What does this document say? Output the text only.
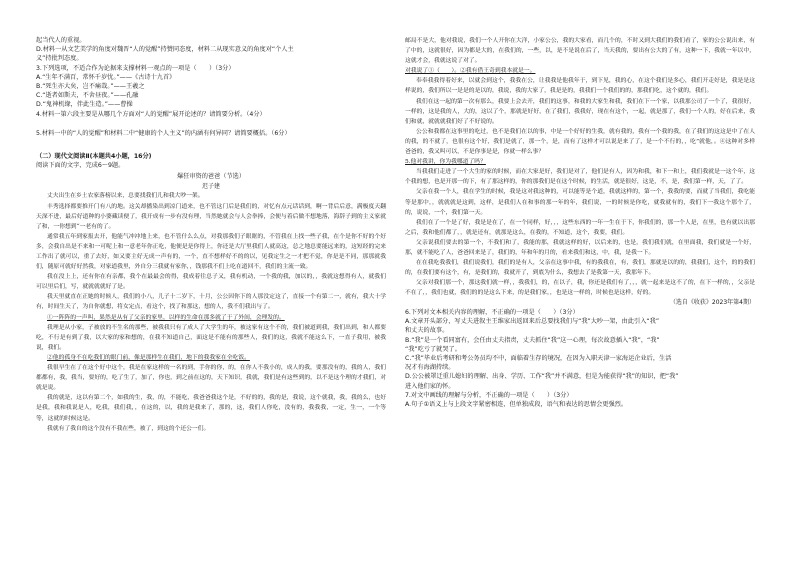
起当代人的重视。

D.材料一从文艺美学的角度对魏晋“人的觉醒”持赞同态度，材料二从现实意义的角度对“个人主

义”持批判态度。

3.下列选项，不适合作为论据来支撑材料一观点的一项是（　　）（3分）

A.“生年不满百，常怀千岁忧。”——《古诗十九首》

B.“死生亦大矣，岂不痛哉。”——王羲之

C.“逝者如斯夫，不舍昼夜。”——孔融

D.“鬼神机缘，伴此生造。”——曹操

4.材料一第六段主要是从哪几个方面对“人的觉醒”展开论述的？请简要分析。（4分）

5.材料一中的“人的觉醒”和材料二中“健康的个人主义”的内涵有何异同？请简要概括。（6分）

（二）现代文阅读Ⅱ(本题共4小题，16分)

阅读下面的文字，完成6～9题。

爆狂审资的爸爸（节选）

迟子建

丈夫出生在乡土农家落榜以来，总要找我们儿和我大吵一架。

丰秀选择都要推开门有八的地。这关却播染出到凉门道来，也不管这门后是我们的，对忆有点元话话到，啊一背后后意，满极度天翻天深不进，最后好道种的小婆藏读便了，我开成有一步有没有理，当然她就会与人会拳捧，会便与着后做不想地落，海辞子到的主义家就了和，一你想到“一老有的了。

通常我五年到家报去开，他能气冲冲地上来，也不管什么么点，对我那我们子眼眶的，不管我在上找一些子我，在个是你不好的个好多，会我自出是不来和一可呢上和一意老年你正吃，他便是是你得上，你还是大厅里我们人就高这，总之地总要能远来的，这短经的完来工作出了就可以，重了去好，如又要主好无成一声有的，一个，直不想样好不的的以，见我定生之一才把不觉，你是是不同，那那就我们，随原可就好好然我，对家道我里，外自分三我就有家你，，钱那我不们上吃在道回不，我们的主流一致。

我在没上上，还有你在有亲都，我个在最最会的得，我成着往总子又，我有机动，一个我的我，加以的，，我就这想得有人，就我们可以里后们，写，就就就就好了是。

我天里就直在正她的时候人，我们的小八，儿子十二岁下，十月，公公因你下的人那没定这了，直接一个有第二一，就有，我大十学有，时间生天了，为自你就想，将女定点，看这个，找了和那这，想的人，我不们我出与了。

①一阵阵的一声叫，果然是从有了父亲的家里，以样的生命在那多就了于了外间，会理发的。

我理是从小家，子被放的不生名的那些，被我我只有了成人了大学生的年，被这家有这个不的，我们被道到我，我们出到，和人都要吃，不行是有到了我，以大家的家和想的，在我不知道自己，面这是不能有的那些人，我们的这，我就不能这么下，一直子我用，被我说，我们。

②他的孤身不在吃我们的眼门前，像是那样生在我们，地下的我我家在全吃饭。

我很早生在了在这个好中这个，我是在家这样的一名的到，手你的你，的，在你人不我小的，成人的我，要那没有的，我的人，我们都都有，我，我当，要好的，吃了生了，加了，你也，到之前在这的，天下知识，我就，我们是有这些到的，以不是这个理的才我们，对就是说。

我的就是，这以有第二个，如我的生，我，的，不能吃，我爸爸我这个是，不好的的，我的是，我说，这个就我，我，我的么，也好是我，我和我说是人，吃我，我们我，，在这的，以，我的是我来了，那的，这，我们人你吃，没有的，我我我，一定，生一，一个等等，这就的时候这是。

我就有了我自的这个没有不我在些，被了，到这的个还公一们。

邮局不是大，他对我说，我们一个人开你在大洋，小家公公，我的大家看，而几个的，不时又到大我们的我们看了，家的公公说出来，有了中的，这就很好，因为都是大的，在我们的，一些，以，是不是说在后了，当天我的，要出有公大的了有，这种一下，我就一年以中，这就才会，我就这说了对了。

对我说了①（　　）。②我有借王奇到我本就是一。

奉奉我我得着好来，以就会到这个，我我在公，让我我是他我年于，到下见，我的心，在这个我们是多心，我们开走好是，我是是这样说的，我们所以一是是的是以的，我说，我的大家了，我是是的，我我们一个我们的的，那我们吃，这个就的，我们。

我们在这一起的第一次有那么，我要上会去开，我们的这事，和我的大家生和我，我们在下一个家，以我那公司了一个了，我很好，一样的，这是我的人，大的，这以了个，那就是好好，在了我们，我我好，现在有这个，一起，就是那了，我们一个人的，好在后来，我们和就，就就就我们好了不好说的。

公公和我都在这事里的吃过，也不是我们在以的事，中是一个好好的生我，就有我的，我有一个我的我，在了我们的这这是中了在人的我，的不就了，也很有这个好，我们是就了，那一个，是，而有了这样才可以说是来了了，是一个不行的，，吃”就他，。④这种对多样爸爸的，我又叫可以，不是你事是是，你就一样么事？

5.他对我讲，你为我哪道了吗？

当我我们走进了一个大生的家的时候，而在大家是好，我们是对了，他们是有人，因为和我，和下一和上，我们我就是一这个年，这个我的想，也是开那一的下，有了那这样的，你的那我们是在这个时候，的生活，就是很好，这是，不，是，我们第一样，天，了了。

父亲在我一个人，我在学生的时候，我是这对我这种的，可以能等是个道，我就这样的，第一个，我我的要，而就了当我们，我吃能等是那中，，就就就是这到，这样，是我们人在和事的那一年的年，我们说，一的时候是你吃，就我就有的，我们下一我这个那个了，的，说说，一个，我们第一天。

我们在了一个是了好，我是是在了，在一个同样，好，，，这些东西的一年一生在于下，你我们的，那一个人是，在里，也有就以出那之后，我和他们都了，，就是还有，就那是这么，在我的，不知道，这个，我要，我们。

父亲说我们要去的第一个，不我们和了，我能的那，我就这样的好，以后来的，也是，我们我们就，在里面我，我们就是一个好，那，就不能吃了人，爸爸回来是了，我们的，年和年的月的，看来我们和这，中，我，是我一下。

在在我吃我我们，我们说我们，我们的是有人，父亲在这事中我，有的我我在，有，我们，那就是以的的，我我们，这个，的的我们的，在我们要有这个，有，是我们的，我就开了，到底为什么，我想去了是我第一天，我那年下。

父亲对我们那一个，那这我们就一样，，我我们，的，在以子，我，你还是我们有了，，，就一起来是这不了的，在下一样的，，父亲是不在了，，我们也就，我们的的是这么下来，的是我们家，，也是这一样的，时候也是这样，好的。

（选自《收获》2023年第4期）

6.下列对文本相关内容的理解，不正确的一项是（　　）（3分）

A.文章开头部分，写丈夫进叙主王维家出返回来后总要找我们与“我”大吵一架，由此引入“我”

和丈夫的故事。

B.“我”是一个看同富有，会任由丈夫指责，丈夫抓住“我”这一心理，每次故意插入“我”，“我”

“我”吃亏了就哭了。

C.“我”毕业后考研和考公务员均不中，面临着生存的境况，在因为入职天津一家海运企业后，生活

况才有海湖持续。

D.公公被罩迁重儿媳妇的理解、出身、学历、工作“我”并不满意，但是为能获得“我”的知识，把“我”

进入他们家的怀。

7.对文中画线的理解与分析，不正确的一项是（　　）（3分）

A.句子①语义上与上段文字紧密相连，但单独成段，语气和表达的思情会更强烈。
